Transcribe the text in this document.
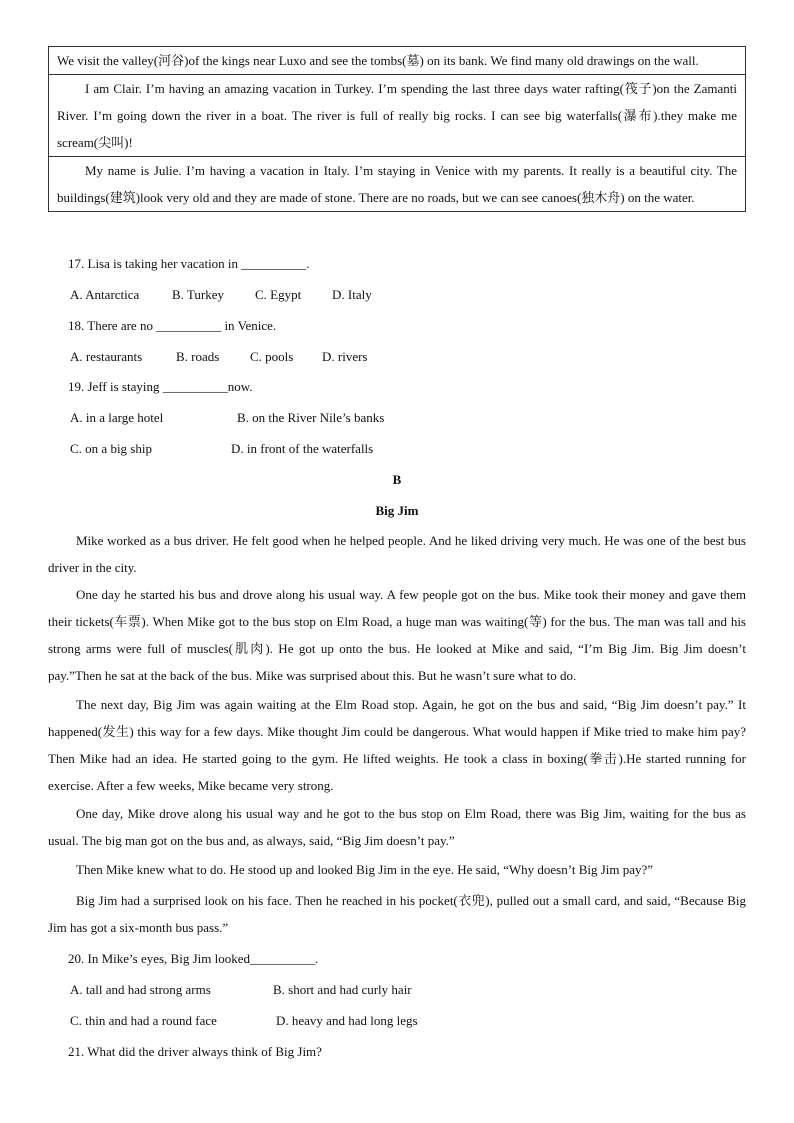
We visit the valley(河谷)of the kings near Luxo and see the tombs(墓) on its bank. We find many old drawings on the wall.
I am Clair. I’m having an amazing vacation in Turkey. I’m spending the last three days water rafting(筏子)on the Zamanti River. I’m going down the river in a boat. The river is full of really big rocks. I can see big waterfalls(瀑布).they make me scream(尖叫)!
My name is Julie. I’m having a vacation in Italy. I’m staying in Venice with my parents. It really is a beautiful city. The buildings(建筑)look very old and they are made of stone. There are no roads, but we can see canoes(独木舟) on the water.
17. Lisa is taking her vacation in __________.
A. Antarctica	B. Turkey C. Egypt D. Italy
18. There are no __________ in Venice.
A. restaurants	B. roads C. pools D. rivers
19. Jeff is staying __________now.
A. in a large hotel	B. on the River Nile’s banks
C. on a big ship	D. in front of the waterfalls
B
Big Jim
Mike worked as a bus driver. He felt good when he helped people. And he liked driving very much. He was one of the best bus driver in the city.
One day he started his bus and drove along his usual way. A few people got on the bus. Mike took their money and gave them their tickets(车票). When Mike got to the bus stop on Elm Road, a huge man was waiting(等) for the bus. The man was tall and his strong arms were full of muscles(肌肉). He got up onto the bus. He looked at Mike and said, “I’m Big Jim. Big Jim doesn’t pay.”Then he sat at the back of the bus. Mike was surprised about this. But he wasn’t sure what to do.
The next day, Big Jim was again waiting at the Elm Road stop. Again, he got on the bus and said, “Big Jim doesn’t pay.” It happened(发生) this way for a few days. Mike thought Jim could be dangerous. What would happen if Mike tried to make him pay? Then Mike had an idea. He started going to the gym. He lifted weights. He took a class in boxing(拳击).He started running for exercise. After a few weeks, Mike became very strong.
One day, Mike drove along his usual way and he got to the bus stop on Elm Road, there was Big Jim, waiting for the bus as usual. The big man got on the bus and, as always, said, “Big Jim doesn’t pay.”
Then Mike knew what to do. He stood up and looked Big Jim in the eye. He said, “Why doesn’t Big Jim pay?”
Big Jim had a surprised look on his face. Then he reached in his pocket(衣兜), pulled out a small card, and said, “Because Big Jim has got a six-month bus pass.”
20. In Mike’s eyes, Big Jim looked__________.
A. tall and had strong arms	B. short and had curly hair
C. thin and had a round face	D. heavy and had long legs
21. What did the driver always think of Big Jim?
